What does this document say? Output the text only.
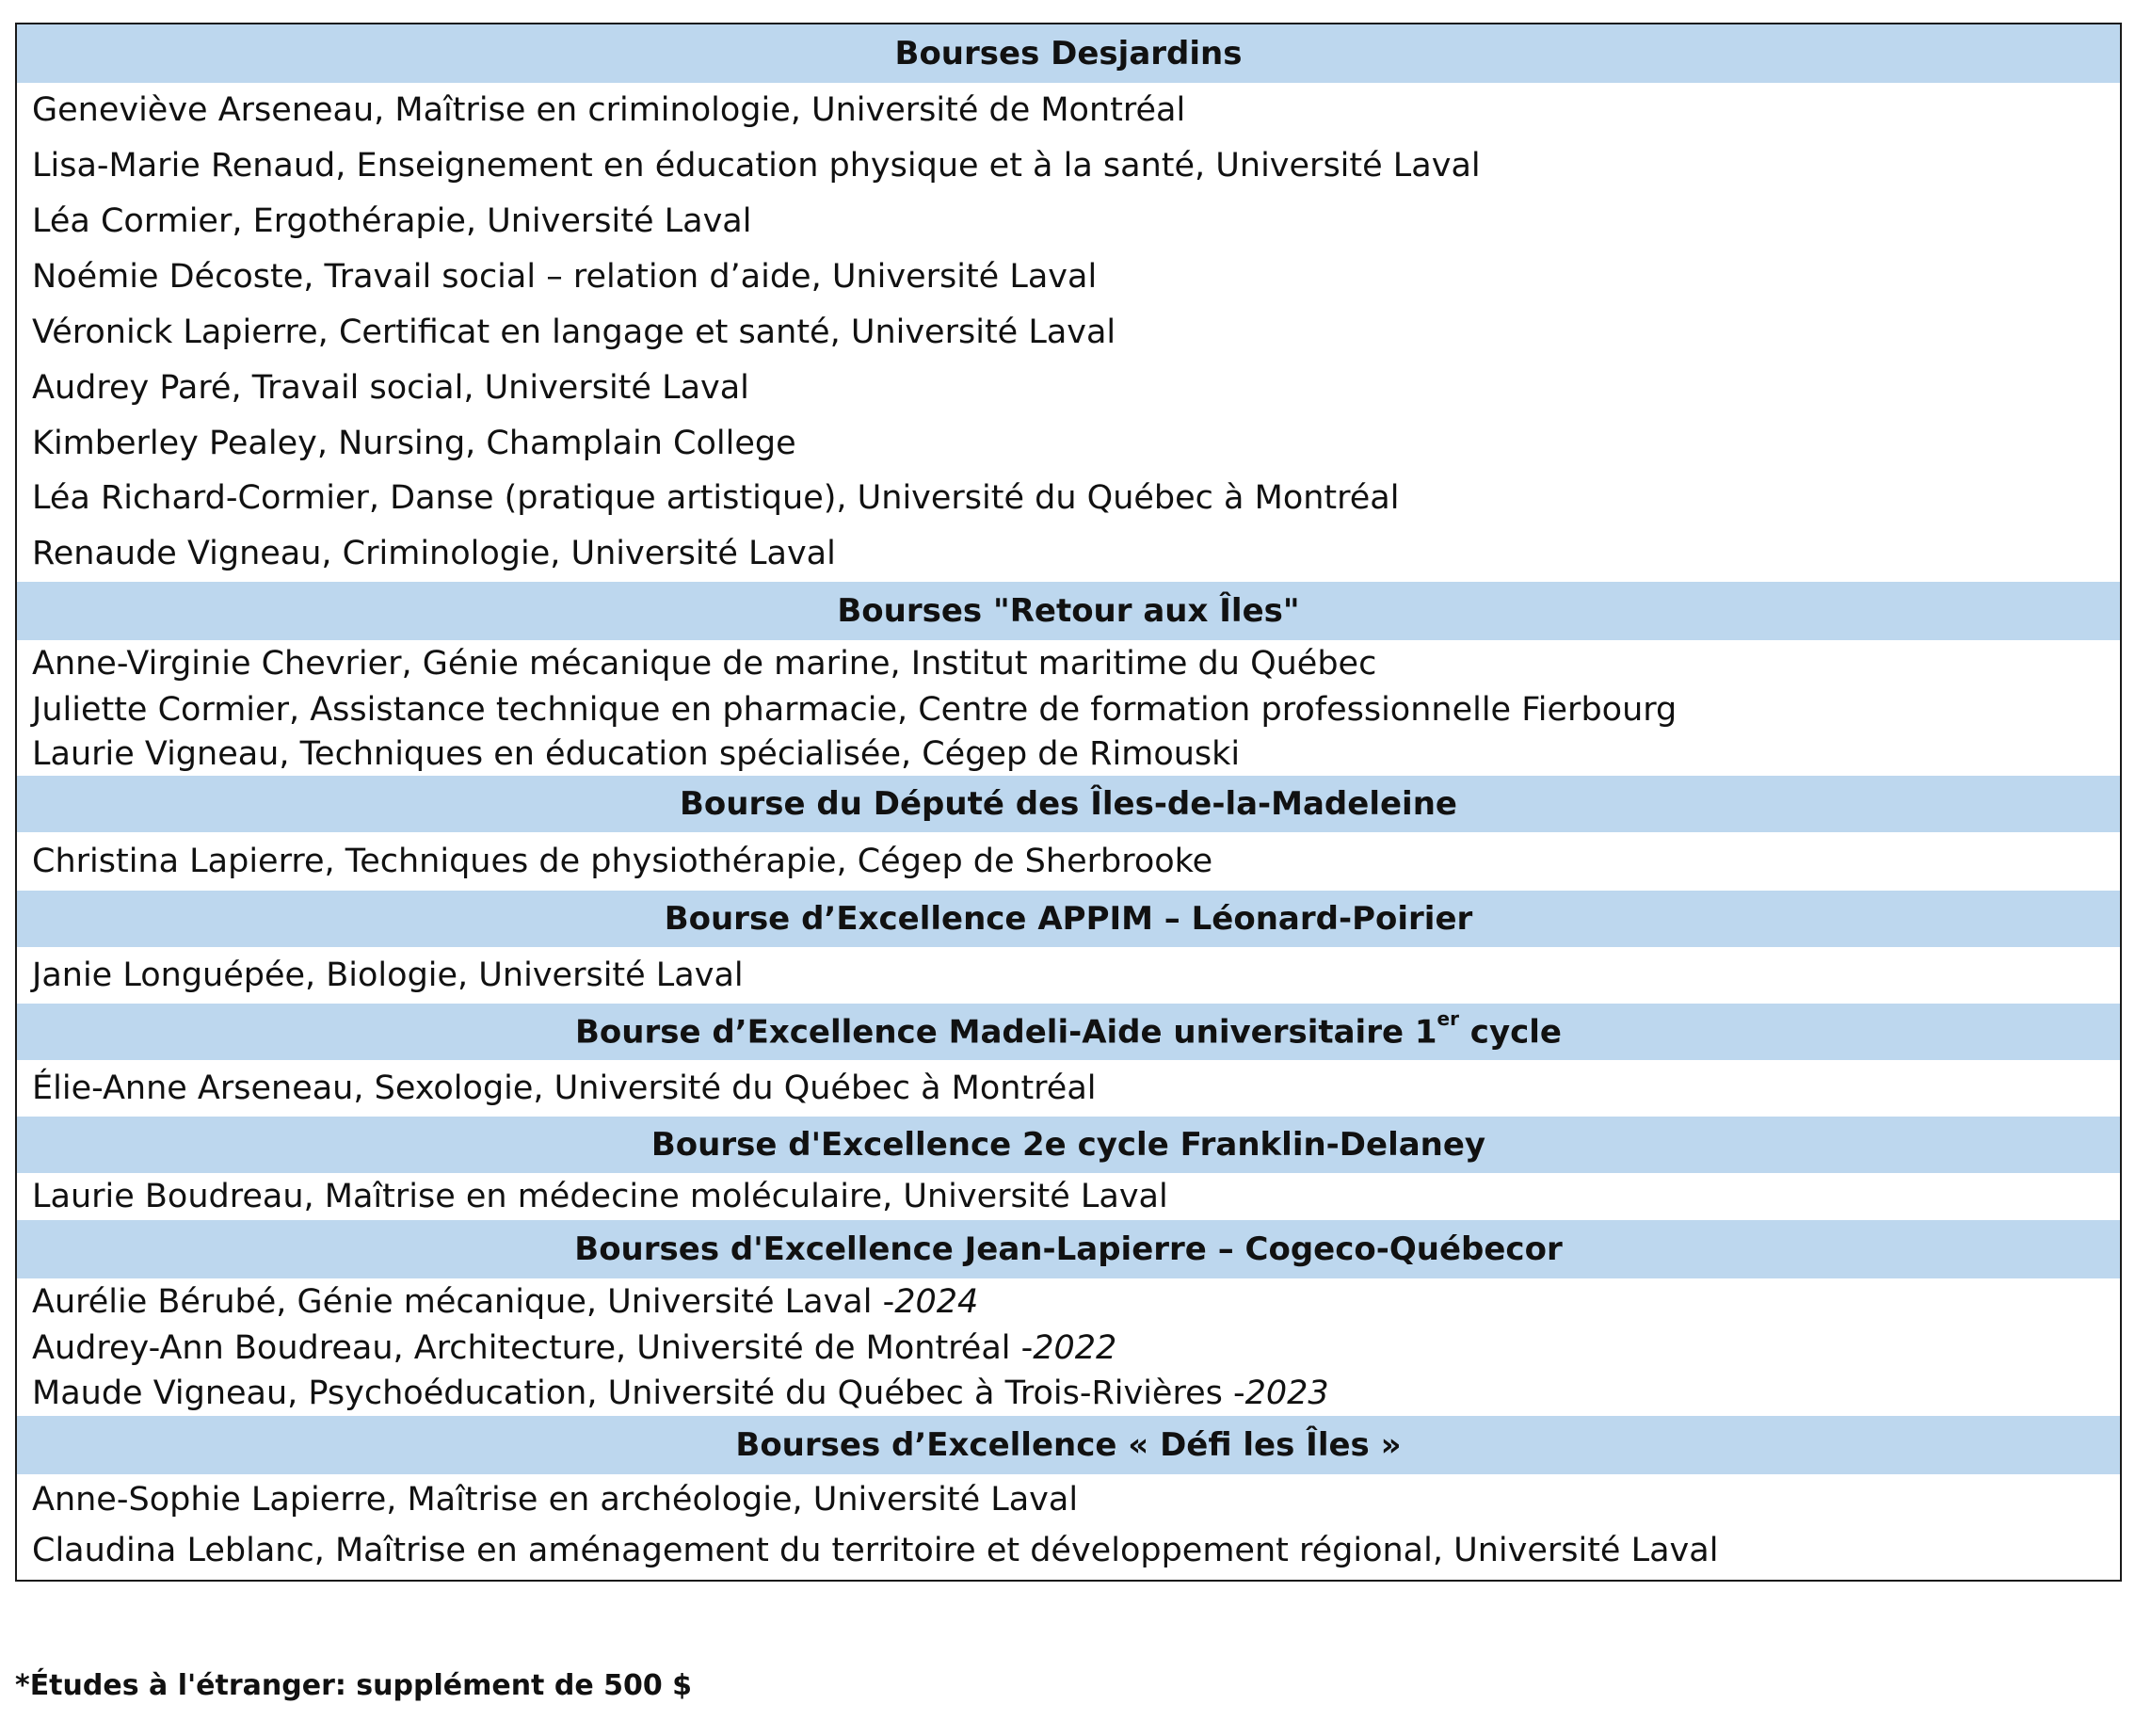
Bourses Desjardins
Geneviève Arseneau, Maîtrise en criminologie, Université de Montréal
Lisa-Marie Renaud, Enseignement en éducation physique et à la santé, Université Laval
Léa Cormier, Ergothérapie, Université Laval
Noémie Décoste, Travail social – relation d’aide, Université Laval
Véronick Lapierre, Certificat en langage et santé, Université Laval
Audrey Paré, Travail social, Université Laval
Kimberley Pealey, Nursing, Champlain College
Léa Richard-Cormier, Danse (pratique artistique), Université du Québec à Montréal
Renaude Vigneau, Criminologie, Université Laval
Bourses "Retour aux Îles"
Anne-Virginie Chevrier, Génie mécanique de marine, Institut maritime du Québec
Juliette Cormier, Assistance technique en pharmacie, Centre de formation professionnelle Fierbourg
Laurie Vigneau, Techniques en éducation spécialisée, Cégep de Rimouski
Bourse du Député des Îles-de-la-Madeleine
Christina Lapierre, Techniques de physiothérapie, Cégep de Sherbrooke
Bourse d’Excellence APPIM – Léonard-Poirier
Janie Longuépée, Biologie, Université Laval
Bourse d’Excellence Madeli-Aide universitaire 1er cycle
Élie-Anne Arseneau, Sexologie, Université du Québec à Montréal
Bourse d'Excellence 2e cycle Franklin-Delaney
Laurie Boudreau, Maîtrise en médecine moléculaire, Université Laval
Bourses d'Excellence Jean-Lapierre – Cogeco-Québecor
Aurélie Bérubé, Génie mécanique, Université Laval - 2024
Audrey-Ann Boudreau, Architecture, Université de Montréal - 2022
Maude Vigneau, Psychoéducation, Université du Québec à Trois-Rivières - 2023
Bourses d’Excellence « Défi les Îles »
Anne-Sophie Lapierre, Maîtrise en archéologie, Université Laval
Claudina Leblanc, Maîtrise en aménagement du territoire et développement régional, Université Laval
*Études à l'étranger: supplément de 500 $
